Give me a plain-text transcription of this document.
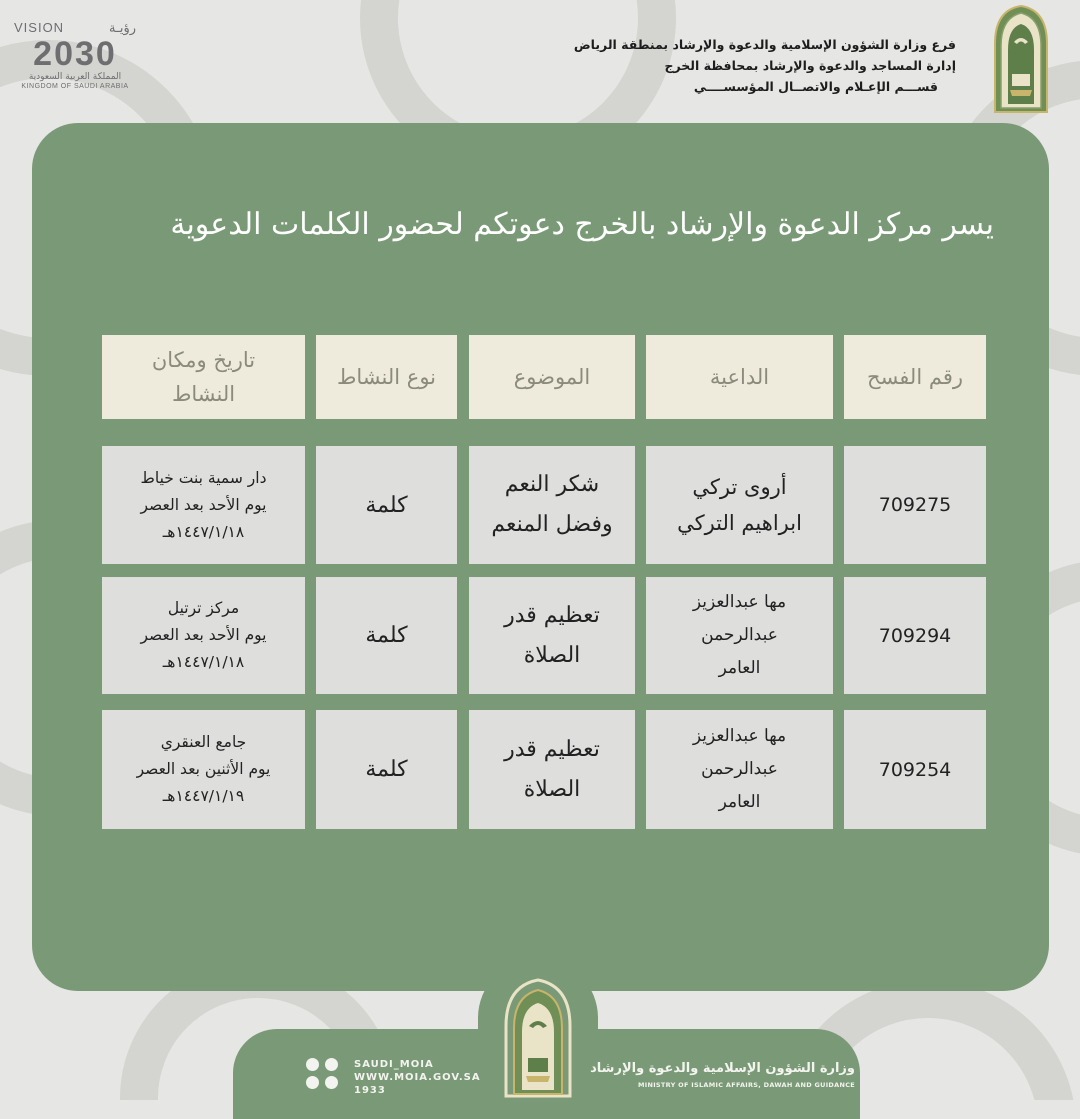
VISION	رؤيـة
2030
المملكة العربية السعودية
KINGDOM OF SAUDI ARABIA
فرع وزارة الشؤون الإسلامية والدعوة والإرشاد بمنطقة الرياض
إدارة المساجد والدعوة والإرشاد بمحافظة الخرج
قســـم الإعـلام والاتصــال المؤسســــي
يسر مركز الدعوة والإرشاد بالخرج دعوتكم لحضور الكلمات الدعوية
رقم الفسح
الداعية
الموضوع
نوع النشاط
تاريخ ومكان النشاط
709275
أروى تركي
ابراهيم التركي
شكر النعم
وفضل المنعم
كلمة
دار سمية بنت خياط
يوم الأحد بعد العصر
١٤٤٧/١/١٨هـ
709294
مها عبدالعزيز
عبدالرحمن
العامر
تعظيم قدر
الصلاة
كلمة
مركز ترتيل
يوم الأحد بعد العصر
١٤٤٧/١/١٨هـ
709254
مها عبدالعزيز
عبدالرحمن
العامر
تعظيم قدر
الصلاة
كلمة
جامع العنقري
يوم الأثنين بعد العصر
١٤٤٧/١/١٩هـ
SAUDI_MOIA
WWW.MOIA.GOV.SA
1933
وزارة الشؤون الإسلامية والدعوة والإرشاد
MINISTRY OF ISLAMIC AFFAIRS, DAWAH AND GUIDANCE
